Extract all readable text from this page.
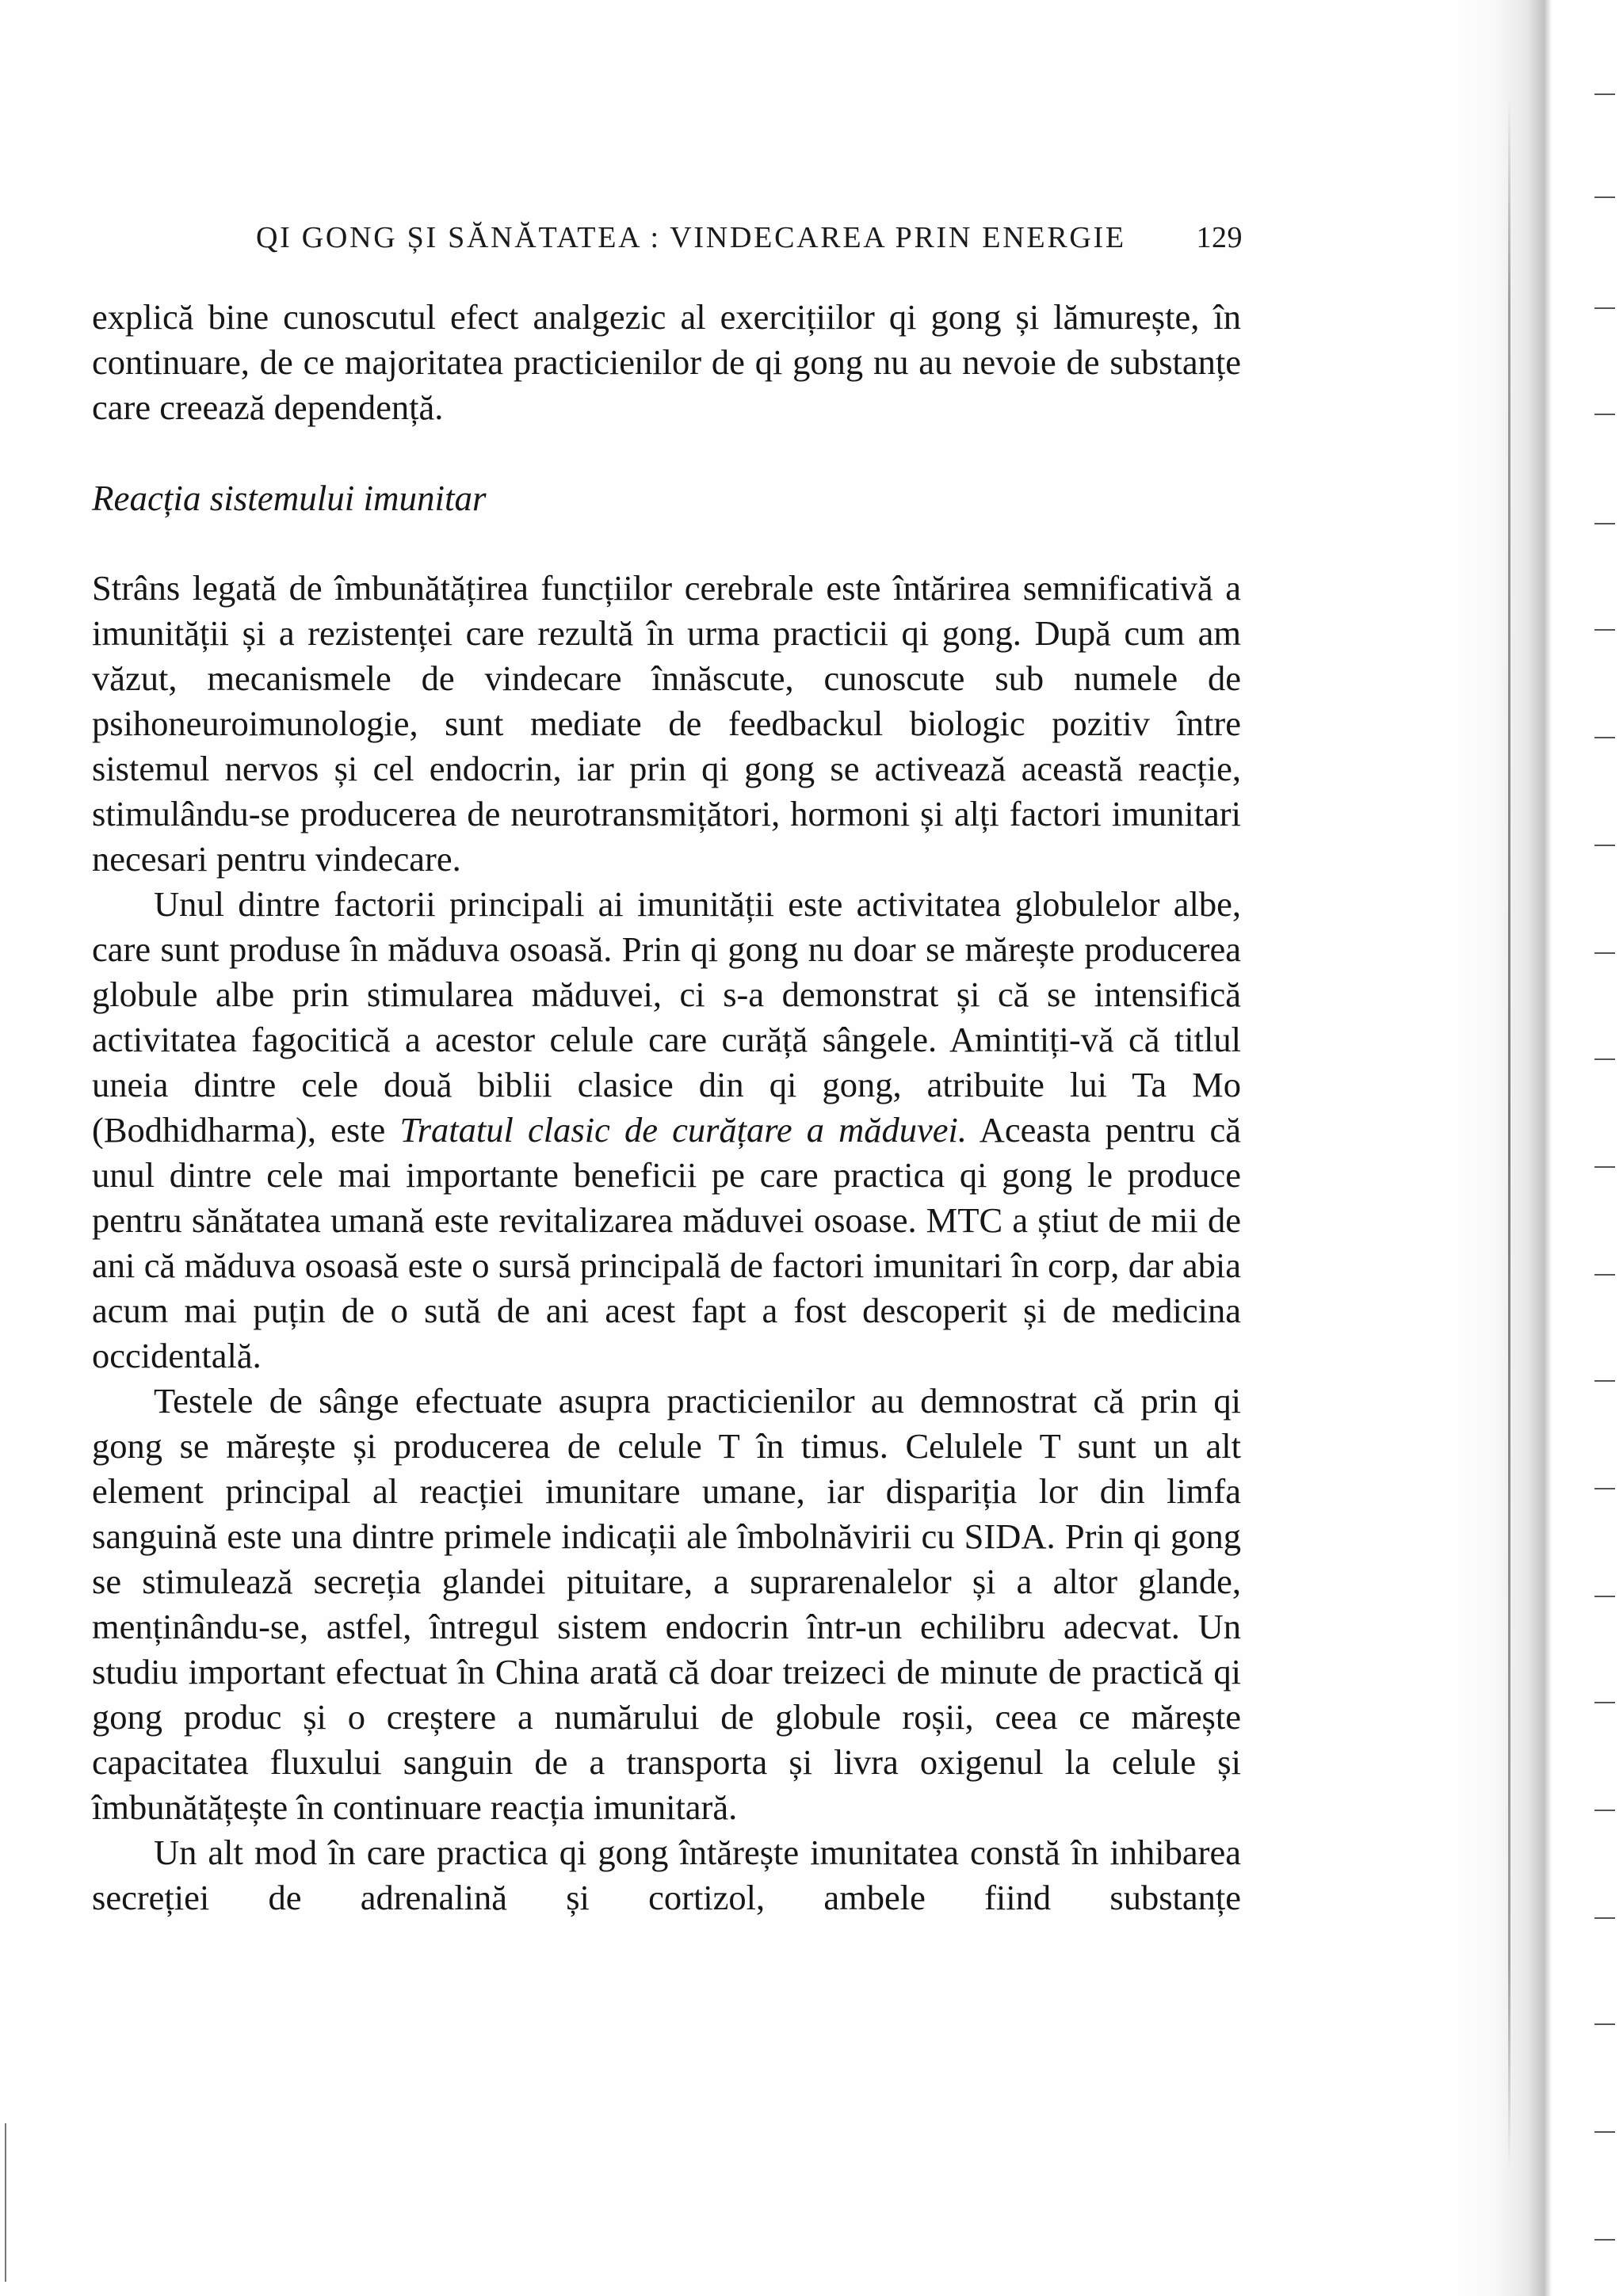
QI GONG ȘI SĂNĂTATEA : VINDECAREA PRIN ENERGIE 129

explică bine cunoscutul efect analgezic al exercițiilor qi gong și lămurește, în continuare, de ce majoritatea practicienilor de qi gong nu au nevoie de substanțe care creează dependență.

Reacția sistemului imunitar

Strâns legată de îmbunătățirea funcțiilor cerebrale este întărirea semnificativă a imunității și a rezistenței care rezultă în urma practicii qi gong. După cum am văzut, mecanismele de vindecare înnăscute, cunoscute sub numele de psihoneuroimunologie, sunt mediate de feedbackul biologic pozitiv între sistemul nervos și cel endocrin, iar prin qi gong se activează această reacție, stimulându-se producerea de neurotransmițători, hormoni și alți factori imunitari necesari pentru vindecare.

Unul dintre factorii principali ai imunității este activitatea globulelor albe, care sunt produse în măduva osoasă. Prin qi gong nu doar se mărește producerea globule albe prin stimularea măduvei, ci s-a demonstrat și că se intensifică activitatea fagocitică a acestor celule care curăță sângele. Amintiți-vă că titlul uneia dintre cele două biblii clasice din qi gong, atribuite lui Ta Mo (Bodhidharma), este Tratatul clasic de curățare a măduvei. Aceasta pentru că unul dintre cele mai importante beneficii pe care practica qi gong le produce pentru sănătatea umană este revitalizarea măduvei osoase. MTC a știut de mii de ani că măduva osoasă este o sursă principală de factori imunitari în corp, dar abia acum mai puțin de o sută de ani acest fapt a fost descoperit și de medicina occidentală.

Testele de sânge efectuate asupra practicienilor au demnostrat că prin qi gong se mărește și producerea de celule T în timus. Celulele T sunt un alt element principal al reacției imunitare umane, iar dispariția lor din limfa sanguină este una dintre primele indicații ale îmbolnăvirii cu SIDA. Prin qi gong se stimulează secreția glandei pituitare, a suprarenalelor și a altor glande, menținându-se, astfel, întregul sistem endocrin într-un echilibru adecvat. Un studiu important efectuat în China arată că doar treizeci de minute de practică qi gong produc și o creștere a numărului de globule roșii, ceea ce mărește capacitatea fluxului sanguin de a transporta și livra oxigenul la celule și îmbunătățește în continuare reacția imunitară.

Un alt mod în care practica qi gong întărește imunitatea constă în inhibarea secreției de adrenalină și cortizol, ambele fiind substanțe
